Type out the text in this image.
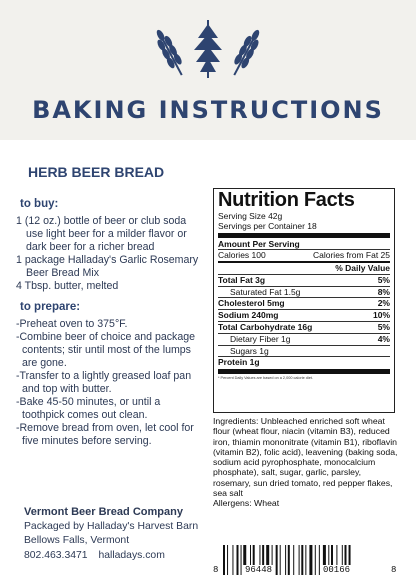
BAKING INSTRUCTIONS
HERB BEER BREAD
to buy:

1 (12 oz.) bottle of beer or club soda use light beer for a milder flavor or dark beer for a richer bread

1 package Halladay's Garlic Rosemary Beer Bread Mix

4 Tbsp. butter, melted

to prepare:

-Preheat oven to 375°F.

-Combine beer of choice and package contents; stir until most of the lumps are gone.

-Transfer to a lightly greased loaf pan and top with butter.

-Bake 45-50 minutes, or until a toothpick comes out clean.

-Remove bread from oven, let cool for five minutes before serving.

Vermont Beer Bread Company
Packaged by Halladay's Harvest Barn
Bellows Falls, Vermont
802.463.3471 halladays.com
Nutrition Facts
Serving Size 42g
Servings per Container 18
Amount Per Serving
Calories 100	Calories from Fat 25
% Daily Value
Total Fat 3g	5%
Saturated Fat 1.5g	8%
Cholesterol 5mg	2%
Sodium 240mg	10%
Total Carbohydrate 16g	5%
Dietary Fiber 1g	4%
Sugars 1g
Protein 1g
* Percent Daily Values are based on a 2,000 calorie diet.
Ingredients: Unbleached enriched soft wheat flour (wheat flour, niacin (vitamin B3), reduced iron, thiamin mononitrate (vitamin B1), riboflavin (vitamin B2), folic acid), leavening (baking soda, sodium acid pyrophosphate, monocalcium phosphate), salt, sugar, garlic, parsley, rosemary, sun dried tomato, red pepper flakes, sea salt
Allergens: Wheat
8	96448	00166	8
